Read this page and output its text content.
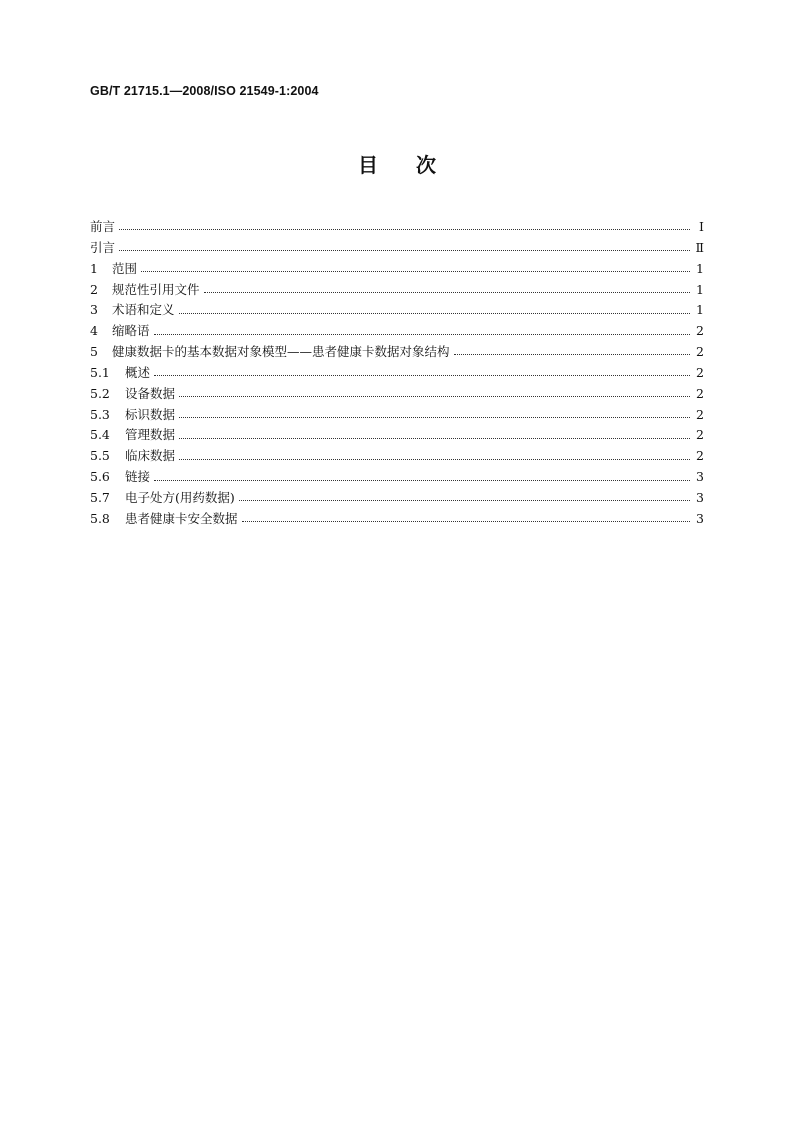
GB/T 21715.1—2008/ISO 21549-1:2004
目 次
前言	Ⅰ
引言	Ⅱ
1	范围	1
2	规范性引用文件	1
3	术语和定义	1
4	缩略语	2
5	健康数据卡的基本数据对象模型——患者健康卡数据对象结构	2
5.1	概述	2
5.2	设备数据	2
5.3	标识数据	2
5.4	管理数据	2
5.5	临床数据	2
5.6	链接	3
5.7	电子处方(用药数据)	3
5.8	患者健康卡安全数据	3
